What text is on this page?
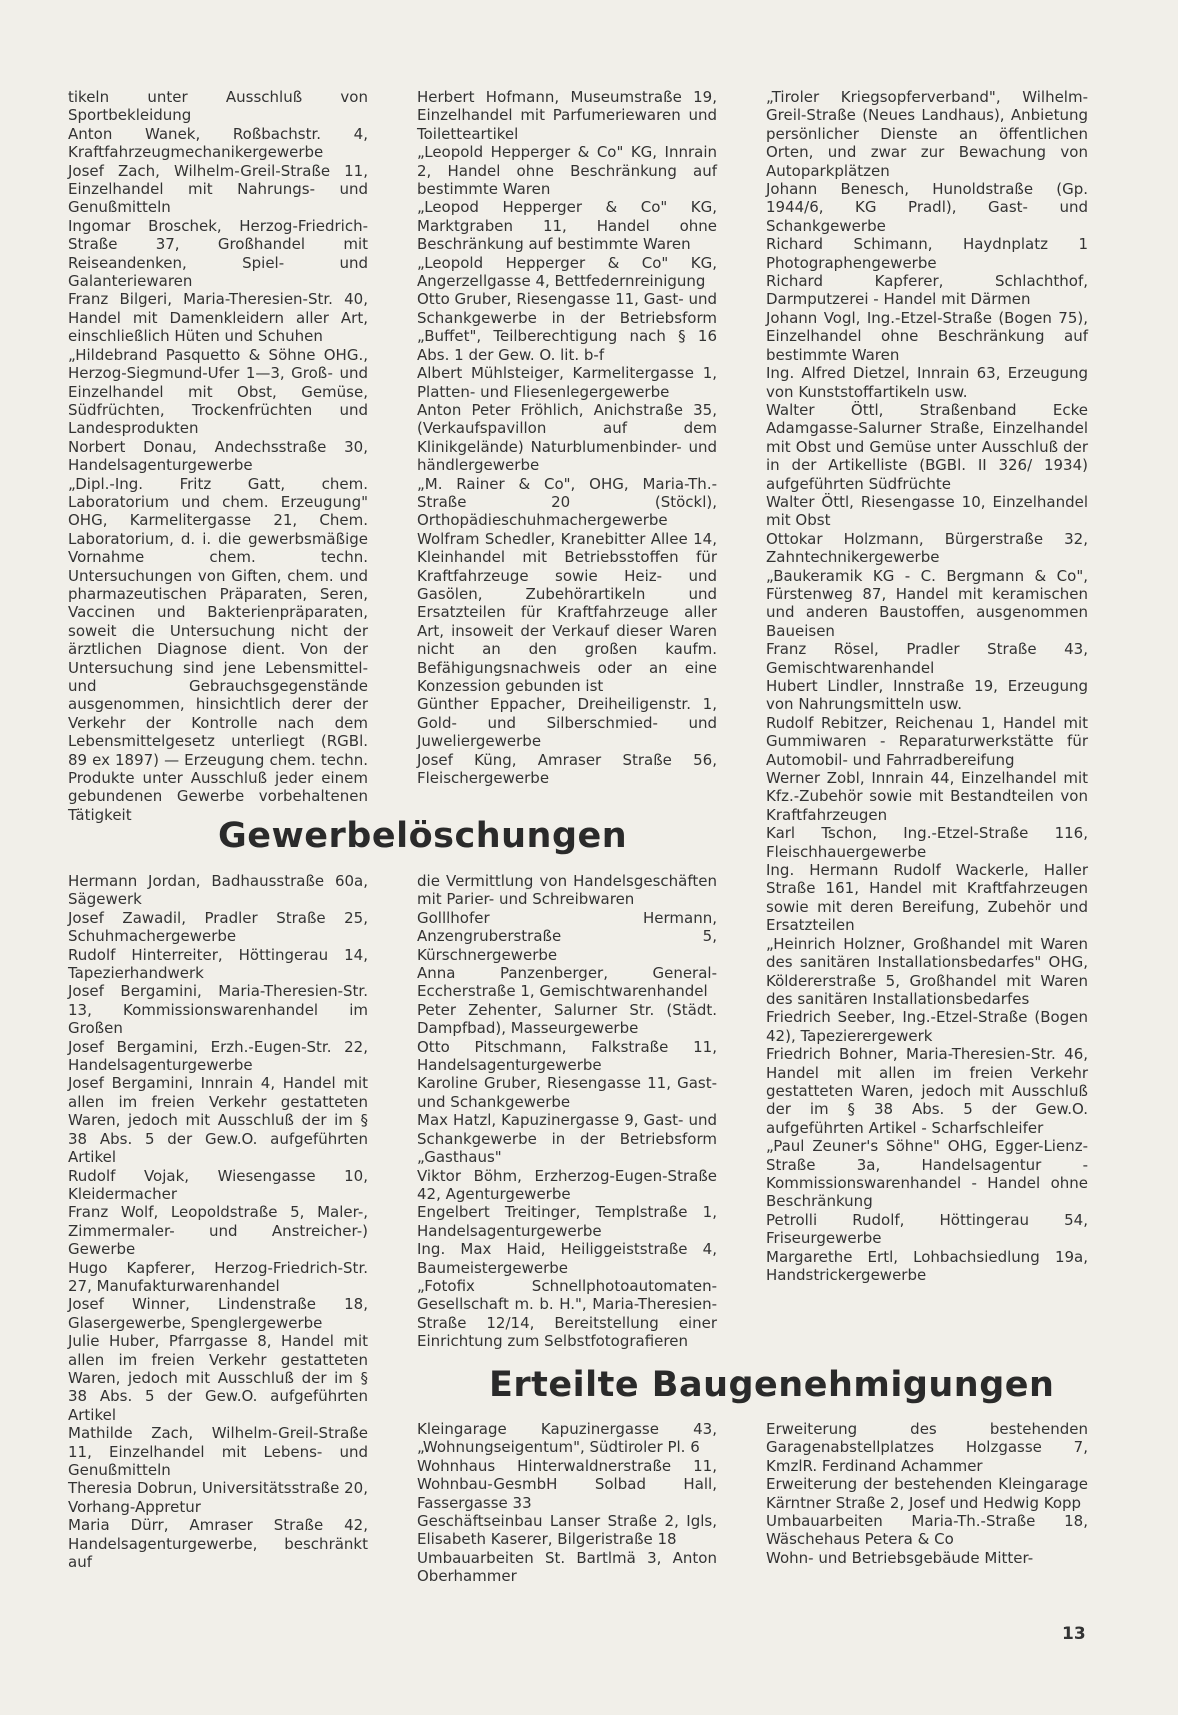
tikeln unter Ausschluß von Sportbekleidung

Anton Wanek, Roßbachstr. 4, Kraftfahrzeugmechanikergewerbe

Josef Zach, Wilhelm-Greil-Straße 11, Einzelhandel mit Nahrungs- und Genußmitteln

Ingomar Broschek, Herzog-Friedrich-Straße 37, Großhandel mit Reiseandenken, Spiel- und Galanteriewaren

Franz Bilgeri, Maria-Theresien-Str. 40, Handel mit Damenkleidern aller Art, einschließlich Hüten und Schuhen

„Hildebrand Pasquetto & Söhne OHG., Herzog-Siegmund-Ufer 1—3, Groß- und Einzelhandel mit Obst, Gemüse, Südfrüchten, Trockenfrüchten und Landesprodukten

Norbert Donau, Andechsstraße 30, Handelsagenturgewerbe

„Dipl.-Ing. Fritz Gatt, chem. Laboratorium und chem. Erzeugung" OHG, Karmelitergasse 21, Chem. Laboratorium, d. i. die gewerbsmäßige Vornahme chem. techn. Untersuchungen von Giften, chem. und pharmazeutischen Präparaten, Seren, Vaccinen und Bakterienpräparaten, soweit die Untersuchung nicht der ärztlichen Diagnose dient. Von der Untersuchung sind jene Lebensmittel- und Gebrauchsgegenstände ausgenommen, hinsichtlich derer der Verkehr der Kontrolle nach dem Lebensmittelgesetz unterliegt (RGBl. 89 ex 1897) — Erzeugung chem. techn. Produkte unter Ausschluß jeder einem gebundenen Gewerbe vorbehaltenen Tätigkeit

Herbert Hofmann, Museumstraße 19, Einzelhandel mit Parfumeriewaren und Toiletteartikel

„Leopold Hepperger & Co" KG, Innrain 2, Handel ohne Beschränkung auf bestimmte Waren

„Leopod Hepperger & Co" KG, Marktgraben 11, Handel ohne Beschränkung auf bestimmte Waren

„Leopold Hepperger & Co" KG, Angerzellgasse 4, Bettfedernreinigung

Otto Gruber, Riesengasse 11, Gast- und Schankgewerbe in der Betriebsform „Buffet", Teilberechtigung nach § 16 Abs. 1 der Gew. O. lit. b-f

Albert Mühlsteiger, Karmelitergasse 1, Platten- und Fliesenlegergewerbe

Anton Peter Fröhlich, Anichstraße 35, (Verkaufspavillon auf dem Klinikgelände) Naturblumenbinder- und händlergewerbe

„M. Rainer & Co", OHG, Maria-Th.-Straße 20 (Stöckl), Orthopädieschuhmachergewerbe

Wolfram Schedler, Kranebitter Allee 14, Kleinhandel mit Betriebsstoffen für Kraftfahrzeuge sowie Heiz- und Gasölen, Zubehörartikeln und Ersatzteilen für Kraftfahrzeuge aller Art, insoweit der Verkauf dieser Waren nicht an den großen kaufm. Befähigungsnachweis oder an eine Konzession gebunden ist

Günther Eppacher, Dreiheiligenstr. 1, Gold- und Silberschmied- und Juweliergewerbe

Josef Küng, Amraser Straße 56, Fleischergewerbe

„Tiroler Kriegsopferverband", Wilhelm-Greil-Straße (Neues Landhaus), Anbietung persönlicher Dienste an öffentlichen Orten, und zwar zur Bewachung von Autoparkplätzen

Johann Benesch, Hunoldstraße (Gp. 1944/6, KG Pradl), Gast- und Schankgewerbe

Richard Schimann, Haydnplatz 1 Photographengewerbe

Richard Kapferer, Schlachthof, Darmputzerei - Handel mit Därmen

Johann Vogl, Ing.-Etzel-Straße (Bogen 75), Einzelhandel ohne Beschränkung auf bestimmte Waren

Ing. Alfred Dietzel, Innrain 63, Erzeugung von Kunststoffartikeln usw.

Walter Öttl, Straßenband Ecke Adamgasse-Salurner Straße, Einzelhandel mit Obst und Gemüse unter Ausschluß der in der Artikelliste (BGBl. II 326/ 1934) aufgeführten Südfrüchte

Walter Öttl, Riesengasse 10, Einzelhandel mit Obst

Ottokar Holzmann, Bürgerstraße 32, Zahntechnikergewerbe

„Baukeramik KG - C. Bergmann & Co", Fürstenweg 87, Handel mit keramischen und anderen Baustoffen, ausgenommen Baueisen

Franz Rösel, Pradler Straße 43, Gemischtwarenhandel

Hubert Lindler, Innstraße 19, Erzeugung von Nahrungsmitteln usw.

Rudolf Rebitzer, Reichenau 1, Handel mit Gummiwaren - Reparaturwerkstätte für Automobil- und Fahrradbereifung

Werner Zobl, Innrain 44, Einzelhandel mit Kfz.-Zubehör sowie mit Bestandteilen von Kraftfahrzeugen

Karl Tschon, Ing.-Etzel-Straße 116, Fleischhauergewerbe

Ing. Hermann Rudolf Wackerle, Haller Straße 161, Handel mit Kraftfahrzeugen sowie mit deren Bereifung, Zubehör und Ersatzteilen

„Heinrich Holzner, Großhandel mit Waren des sanitären Installationsbedarfes" OHG, Köldererstraße 5, Großhandel mit Waren des sanitären Installationsbedarfes

Friedrich Seeber, Ing.-Etzel-Straße (Bogen 42), Tapezierergewerk

Friedrich Bohner, Maria-Theresien-Str. 46, Handel mit allen im freien Verkehr gestatteten Waren, jedoch mit Ausschluß der im § 38 Abs. 5 der Gew.O. aufgeführten Artikel - Scharfschleifer

„Paul Zeuner's Söhne" OHG, Egger-Lienz-Straße 3a, Handelsagentur - Kommissionswarenhandel - Handel ohne Beschränkung

Petrolli Rudolf, Höttingerau 54, Friseurgewerbe

Margarethe Ertl, Lohbachsiedlung 19a, Handstrickergewerbe

Gewerbelöschungen

Hermann Jordan, Badhausstraße 60a, Sägewerk

Josef Zawadil, Pradler Straße 25, Schuhmachergewerbe

Rudolf Hinterreiter, Höttingerau 14, Tapezierhandwerk

Josef Bergamini, Maria-Theresien-Str. 13, Kommissionswarenhandel im Großen

Josef Bergamini, Erzh.-Eugen-Str. 22, Handelsagenturgewerbe

Josef Bergamini, Innrain 4, Handel mit allen im freien Verkehr gestatteten Waren, jedoch mit Ausschluß der im § 38 Abs. 5 der Gew.O. aufgeführten Artikel

Rudolf Vojak, Wiesengasse 10, Kleidermacher

Franz Wolf, Leopoldstraße 5, Maler-, Zimmermaler- und Anstreicher-) Gewerbe

Hugo Kapferer, Herzog-Friedrich-Str. 27, Manufakturwarenhandel

Josef Winner, Lindenstraße 18, Glasergewerbe, Spenglergewerbe

Julie Huber, Pfarrgasse 8, Handel mit allen im freien Verkehr gestatteten Waren, jedoch mit Ausschluß der im § 38 Abs. 5 der Gew.O. aufgeführten Artikel

Mathilde Zach, Wilhelm-Greil-Straße 11, Einzelhandel mit Lebens- und Genußmitteln

Theresia Dobrun, Universitätsstraße 20, Vorhang-Appretur

Maria Dürr, Amraser Straße 42, Handelsagenturgewerbe, beschränkt auf

die Vermittlung von Handelsgeschäften mit Parier- und Schreibwaren

Golllhofer Hermann, Anzengruberstraße 5, Kürschnergewerbe

Anna Panzenberger, General-Eccherstraße 1, Gemischtwarenhandel

Peter Zehenter, Salurner Str. (Städt. Dampfbad), Masseurgewerbe

Otto Pitschmann, Falkstraße 11, Handelsagenturgewerbe

Karoline Gruber, Riesengasse 11, Gast- und Schankgewerbe

Max Hatzl, Kapuzinergasse 9, Gast- und Schankgewerbe in der Betriebsform „Gasthaus"

Viktor Böhm, Erzherzog-Eugen-Straße 42, Agenturgewerbe

Engelbert Treitinger, Templstraße 1, Handelsagenturgewerbe

Ing. Max Haid, Heiliggeiststraße 4, Baumeistergewerbe

„Fotofix Schnellphotoautomaten- Gesellschaft m. b. H.", Maria-Theresien-Straße 12/14, Bereitstellung einer Einrichtung zum Selbstfotografieren

Erteilte Baugenehmigungen

Kleingarage Kapuzinergasse 43, „Wohnungseigentum", Südtiroler Pl. 6

Wohnhaus Hinterwaldnerstraße 11, Wohnbau-GesmbH Solbad Hall, Fassergasse 33

Geschäftseinbau Lanser Straße 2, Igls, Elisabeth Kaserer, Bilgeristraße 18

Umbauarbeiten St. Bartlmä 3, Anton Oberhammer

Erweiterung des bestehenden Garagenabstellplatzes Holzgasse 7, KmzlR. Ferdinand Achammer

Erweiterung der bestehenden Kleingarage Kärntner Straße 2, Josef und Hedwig Kopp

Umbauarbeiten Maria-Th.-Straße 18, Wäschehaus Petera & Co

Wohn- und Betriebsgebäude Mitter-

13
